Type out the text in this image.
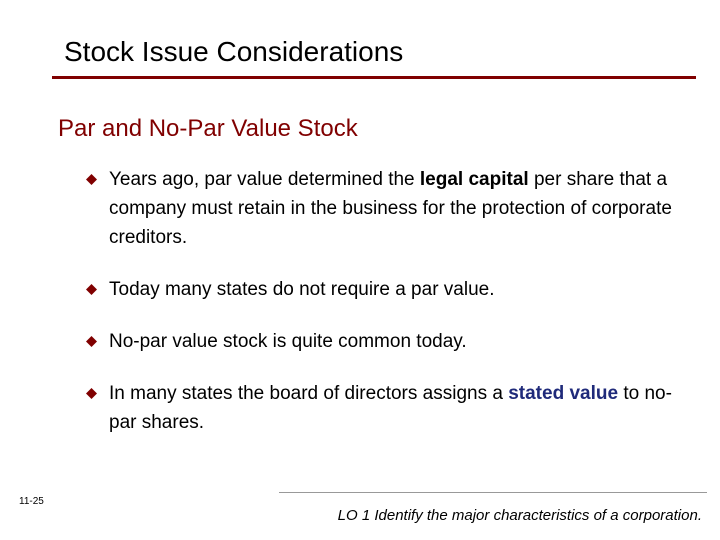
Stock Issue Considerations
Par and No-Par Value Stock
Years ago, par value determined the legal capital per share that a company must retain in the business for the protection of corporate creditors.
Today many states do not require a par value.
No-par value stock is quite common today.
In many states the board of directors assigns a stated value to no-par shares.
11-25
LO 1 Identify the major characteristics of a corporation.
